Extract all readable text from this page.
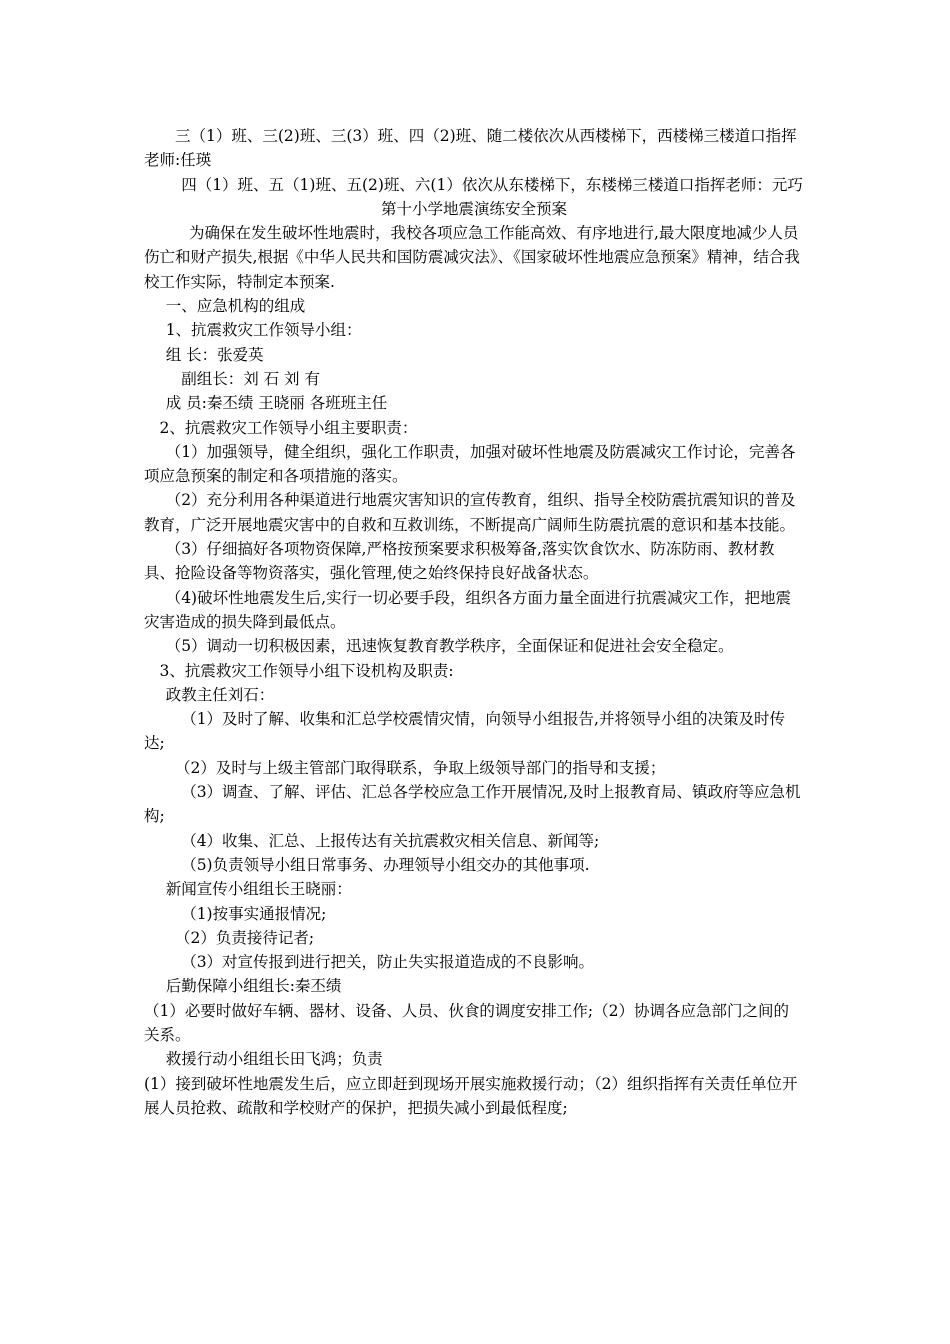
三（1）班、三(2)班、三(3）班、四（2)班、随二楼依次从西楼梯下，西楼梯三楼道口指挥老师:任瑛

四（1）班、五（1)班、五(2)班、六(1）依次从东楼梯下，东楼梯三楼道口指挥老师：元巧

第十小学地震演练安全预案

为确保在发生破坏性地震时，我校各项应急工作能高效、有序地进行,最大限度地减少人员伤亡和财产损失,根据《中华人民共和国防震减灾法》、《国家破坏性地震应急预案》精神，结合我校工作实际，特制定本预案.

一、应急机构的组成

1、抗震救灾工作领导小组：

组 长：张爱英

副组长：刘 石 刘 有

成 员:秦丕绩 王晓丽 各班班主任

2、抗震救灾工作领导小组主要职责：

（1）加强领导，健全组织，强化工作职责，加强对破坏性地震及防震减灾工作讨论，完善各项应急预案的制定和各项措施的落实。

（2）充分利用各种渠道进行地震灾害知识的宣传教育，组织、指导全校防震抗震知识的普及教育，广泛开展地震灾害中的自救和互救训练，不断提高广阔师生防震抗震的意识和基本技能。

（3）仔细搞好各项物资保障,严格按预案要求积极筹备,落实饮食饮水、防冻防雨、教材教具、抢险设备等物资落实，强化管理,使之始终保持良好战备状态。

（4)破坏性地震发生后,实行一切必要手段，组织各方面力量全面进行抗震减灾工作，把地震灾害造成的损失降到最低点。

（5）调动一切积极因素，迅速恢复教育教学秩序，全面保证和促进社会安全稳定。

3、抗震救灾工作领导小组下设机构及职责:

政教主任刘石：

（1）及时了解、收集和汇总学校震情灾情，向领导小组报告,并将领导小组的决策及时传达;

（2）及时与上级主管部门取得联系，争取上级领导部门的指导和支援；

（3）调查、了解、评估、汇总各学校应急工作开展情况,及时上报教育局、镇政府等应急机构;

（4）收集、汇总、上报传达有关抗震救灾相关信息、新闻等;

（5)负责领导小组日常事务、办理领导小组交办的其他事项.

新闻宣传小组组长王晓丽：

（1)按事实通报情况;

（2）负责接待记者;

（3）对宣传报到进行把关，防止失实报道造成的不良影响。

后勤保障小组组长:秦丕绩

（1）必要时做好车辆、器材、设备、人员、伙食的调度安排工作;（2）协调各应急部门之间的关系。

救援行动小组组长田飞鸿；负责

(1）接到破坏性地震发生后，应立即赶到现场开展实施救援行动；（2）组织指挥有关责任单位开展人员抢救、疏散和学校财产的保护，把损失减小到最低程度;
